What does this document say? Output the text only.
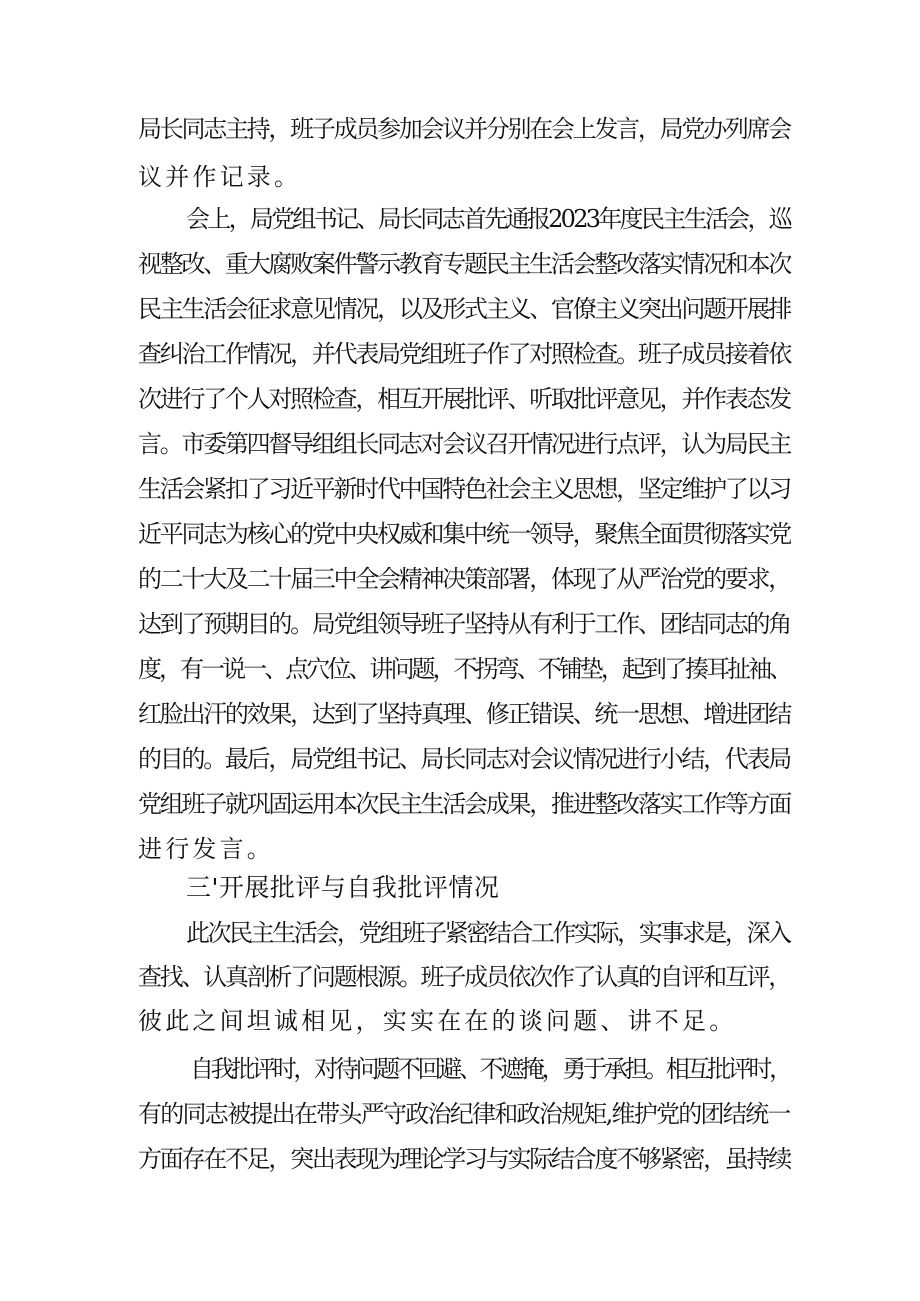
局长同志主持，班子成员参加会议并分别在会上发言，局党办列席会
议并作记录。
会上，局党组书记、局长同志首先通报2023年度民主生活会，巡
视整改、重大腐败案件警示教育专题民主生活会整改落实情况和本次
民主生活会征求意见情况，以及形式主义、官僚主义突出问题开展排
查纠治工作情况，并代表局党组班子作了对照检查。班子成员接着依
次进行了个人对照检查，相互开展批评、听取批评意见，并作表态发
言。市委第四督导组组长同志对会议召开情况进行点评，认为局民主
生活会紧扣了习近平新时代中国特色社会主义思想，坚定维护了以习
近平同志为核心的党中央权威和集中统一领导，聚焦全面贯彻落实党
的二十大及二十届三中全会精神决策部署，体现了从严治党的要求，
达到了预期目的。局党组领导班子坚持从有利于工作、团结同志的角
度，有一说一、点穴位、讲问题，不拐弯、不铺垫，起到了揍耳扯袖、
红脸出汗的效果，达到了坚持真理、修正错误、统一思想、增进团结
的目的。最后，局党组书记、局长同志对会议情况进行小结，代表局
党组班子就巩固运用本次民主生活会成果，推进整改落实工作等方面
进行发言。
三'开展批评与自我批评情况
此次民主生活会，党组班子紧密结合工作实际，实事求是，深入
查找、认真剖析了问题根源。班子成员依次作了认真的自评和互评，
彼此之间坦诚相见，实实在在的谈问题、讲不足。
自我批评时，对待问题不回避、不遮掩，勇于承担。相互批评时，
有的同志被提出在带头严守政治纪律和政治规矩,维护党的团结统一
方面存在不足，突出表现为理论学习与实际结合度不够紧密，虽持续
